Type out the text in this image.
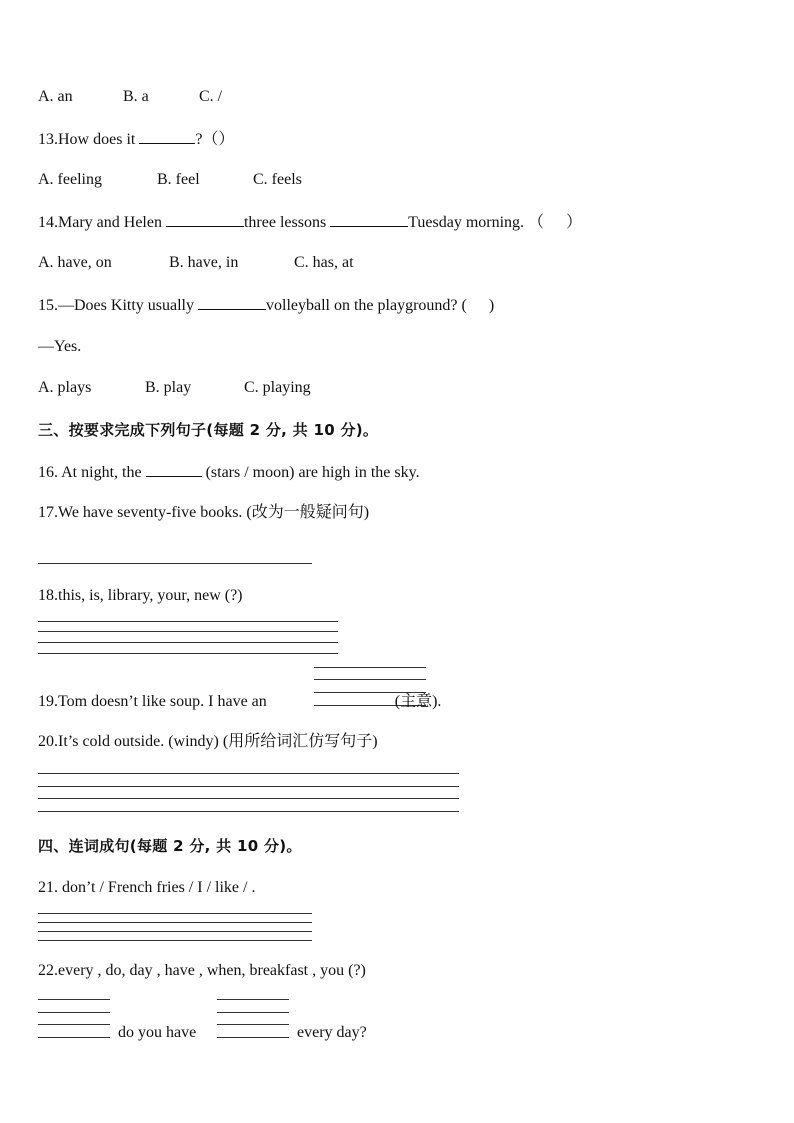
A. an	B. a	C. /
13.How does it	?（）
A. feeling	B. feel	C. feels
14.Mary and Helen	three lessons	Tuesday morning. （ ）
A. have, on	B. have, in	C. has, at
15.—Does Kitty usually	volleyball on the playground? ( )
—Yes.
A. plays	B. play	C. playing
三、按要求完成下列句子(每题 2 分, 共 10 分)。
16. At night, the	(stars / moon) are high in the sky.
17.We have seventy-five books. (改为一般疑问句)
18.this, is, library, your, new (?)
19.Tom doesn’t like soup. I have an	(主意).
20.It’s cold outside. (windy) (用所给词汇仿写句子)
四、连词成句(每题 2 分, 共 10 分)。
21. don’t / French fries / I / like / .
22.every , do, day , have , when, breakfast , you (?)
do you have	every day?
